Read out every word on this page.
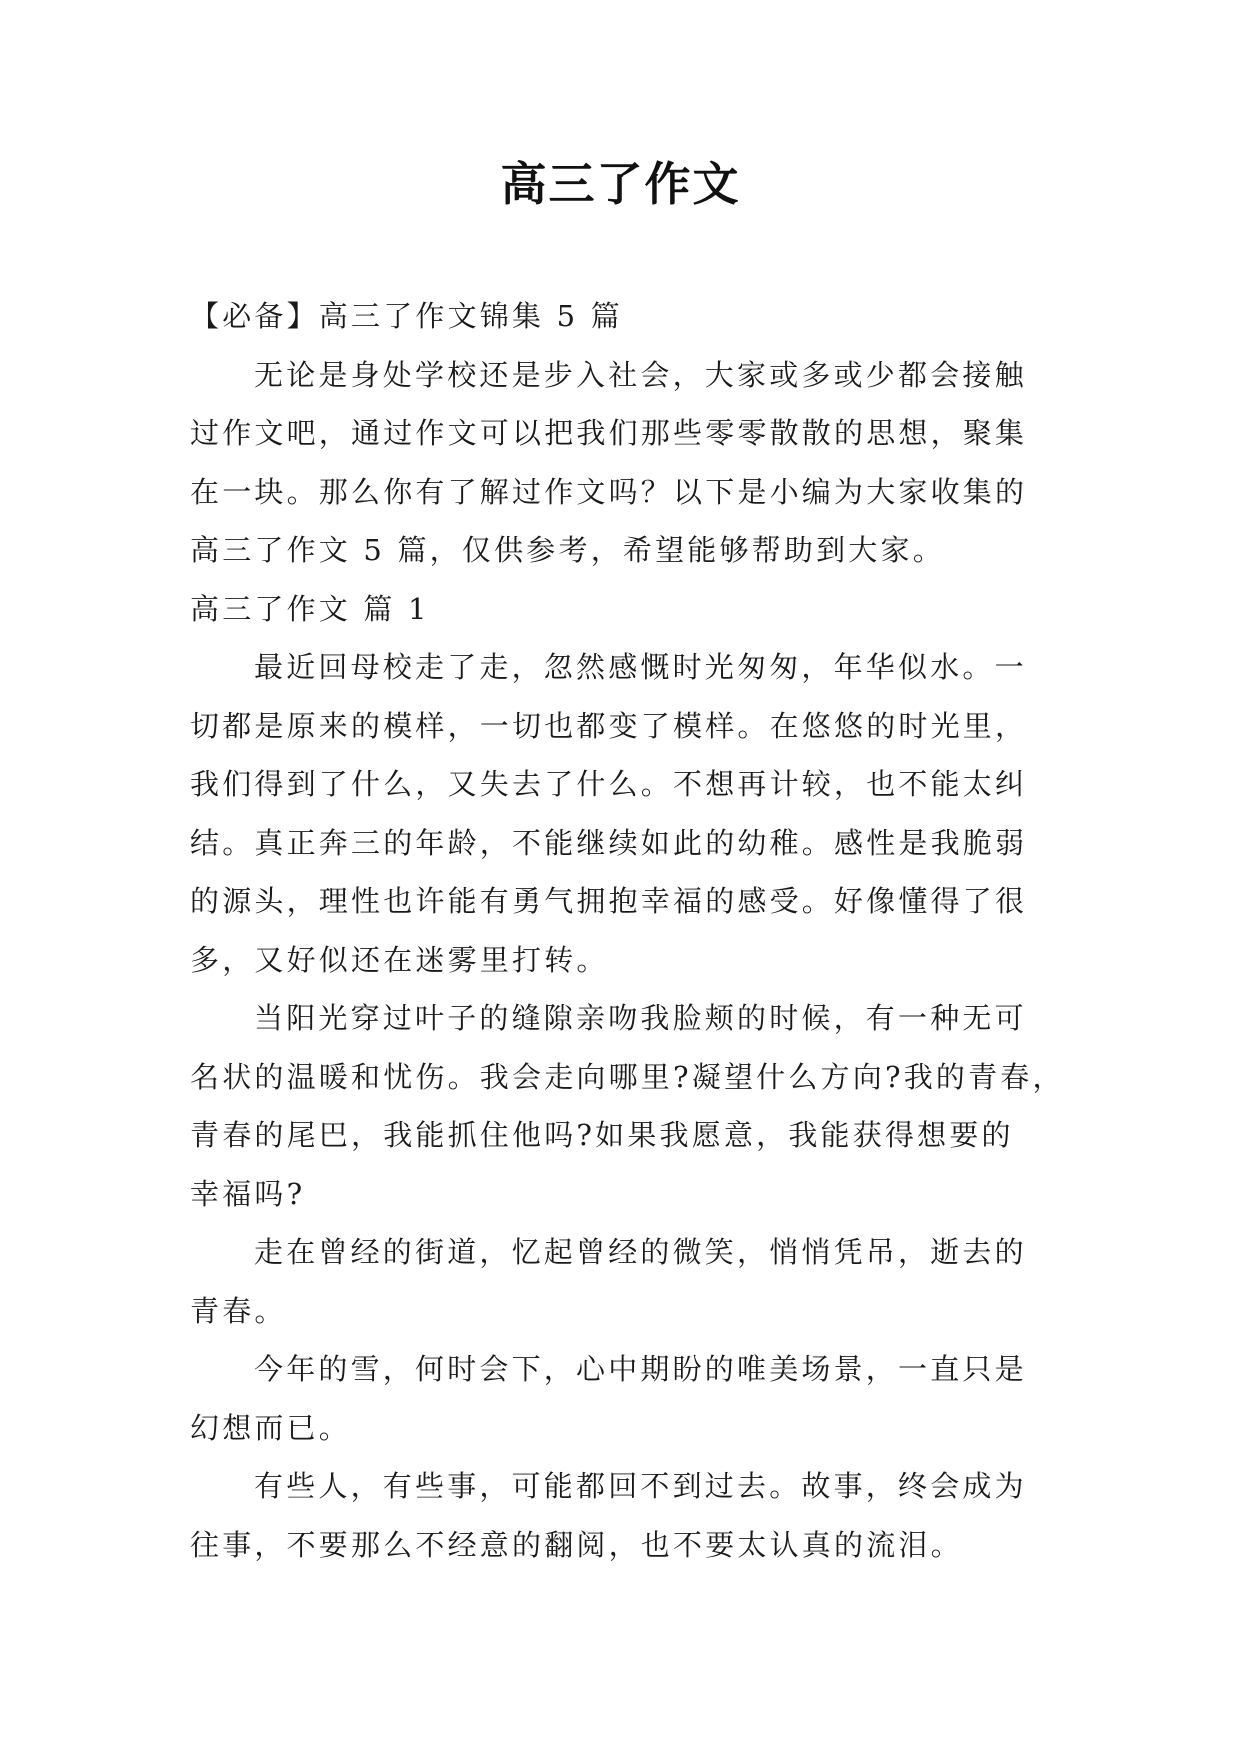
高三了作文
【必备】高三了作文锦集 5 篇
无论是身处学校还是步入社会，大家或多或少都会接触
过作文吧，通过作文可以把我们那些零零散散的思想，聚集
在一块。那么你有了解过作文吗？以下是小编为大家收集的
高三了作文 5 篇，仅供参考，希望能够帮助到大家。
高三了作文 篇 1
最近回母校走了走，忽然感慨时光匆匆，年华似水。一
切都是原来的模样，一切也都变了模样。在悠悠的时光里，
我们得到了什么，又失去了什么。不想再计较，也不能太纠
结。真正奔三的年龄，不能继续如此的幼稚。感性是我脆弱
的源头，理性也许能有勇气拥抱幸福的感受。好像懂得了很
多，又好似还在迷雾里打转。
当阳光穿过叶子的缝隙亲吻我脸颊的时候，有一种无可
名状的温暖和忧伤。我会走向哪里?凝望什么方向?我的青春，
青春的尾巴，我能抓住他吗?如果我愿意，我能获得想要的
幸福吗?
走在曾经的街道，忆起曾经的微笑，悄悄凭吊，逝去的
青春。
今年的雪，何时会下，心中期盼的唯美场景，一直只是
幻想而已。
有些人，有些事，可能都回不到过去。故事，终会成为
往事，不要那么不经意的翻阅，也不要太认真的流泪。
